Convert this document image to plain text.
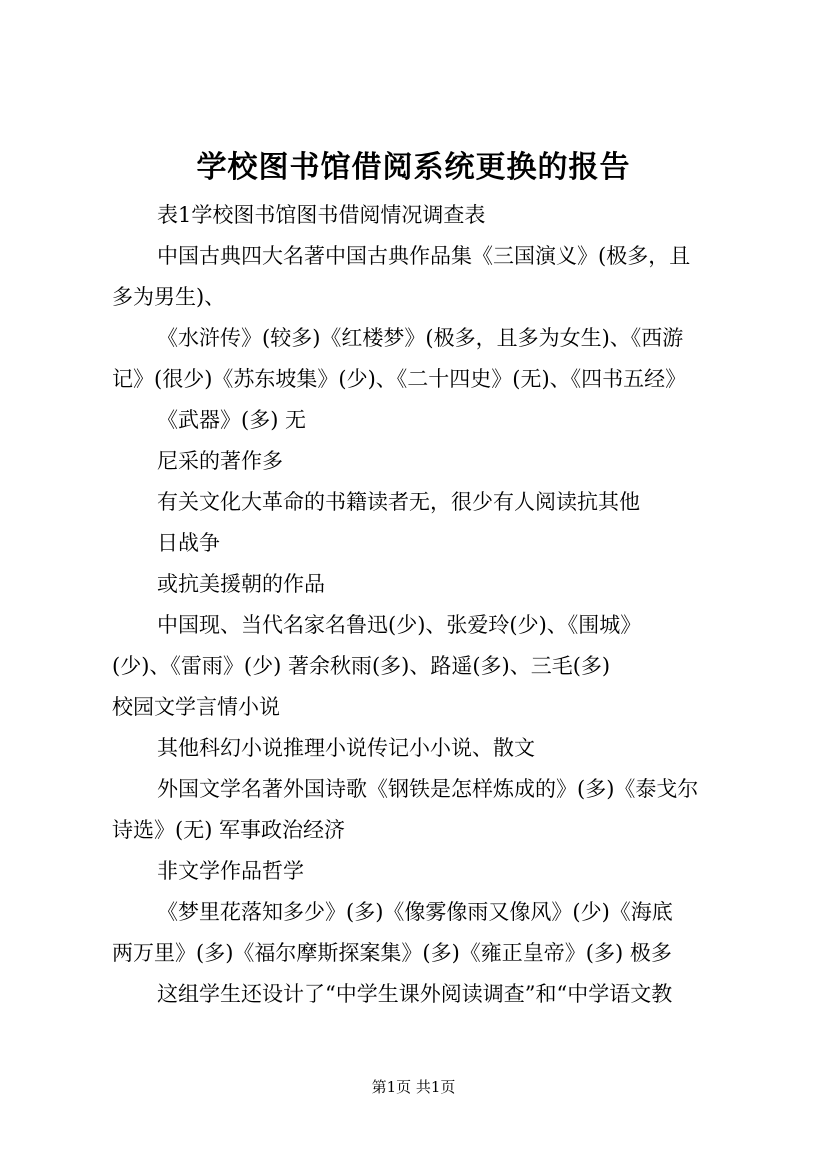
学校图书馆借阅系统更换的报告

表1学校图书馆图书借阅情况调查表

中国古典四大名著中国古典作品集《三国演义》(极多，且

多为男生)、

《水浒传》(较多)《红楼梦》(极多，且多为女生)、《西游

记》(很少)《苏东坡集》(少)、《二十四史》(无)、《四书五经》

《武器》(多) 无

尼采的著作多

有关文化大革命的书籍读者无，很少有人阅读抗其他

日战争

或抗美援朝的作品

中国现、当代名家名鲁迅(少)、张爱玲(少)、《围城》

(少)、《雷雨》(少) 著余秋雨(多)、路遥(多)、三毛(多)

校园文学言情小说

其他科幻小说推理小说传记小小说、散文

外国文学名著外国诗歌《钢铁是怎样炼成的》(多)《泰戈尔

诗选》(无) 军事政治经济

非文学作品哲学

《梦里花落知多少》(多)《像雾像雨又像风》(少)《海底

两万里》(多)《福尔摩斯探案集》(多)《雍正皇帝》(多) 极多

这组学生还设计了“中学生课外阅读调查”和“中学语文教

第1页 共1页
